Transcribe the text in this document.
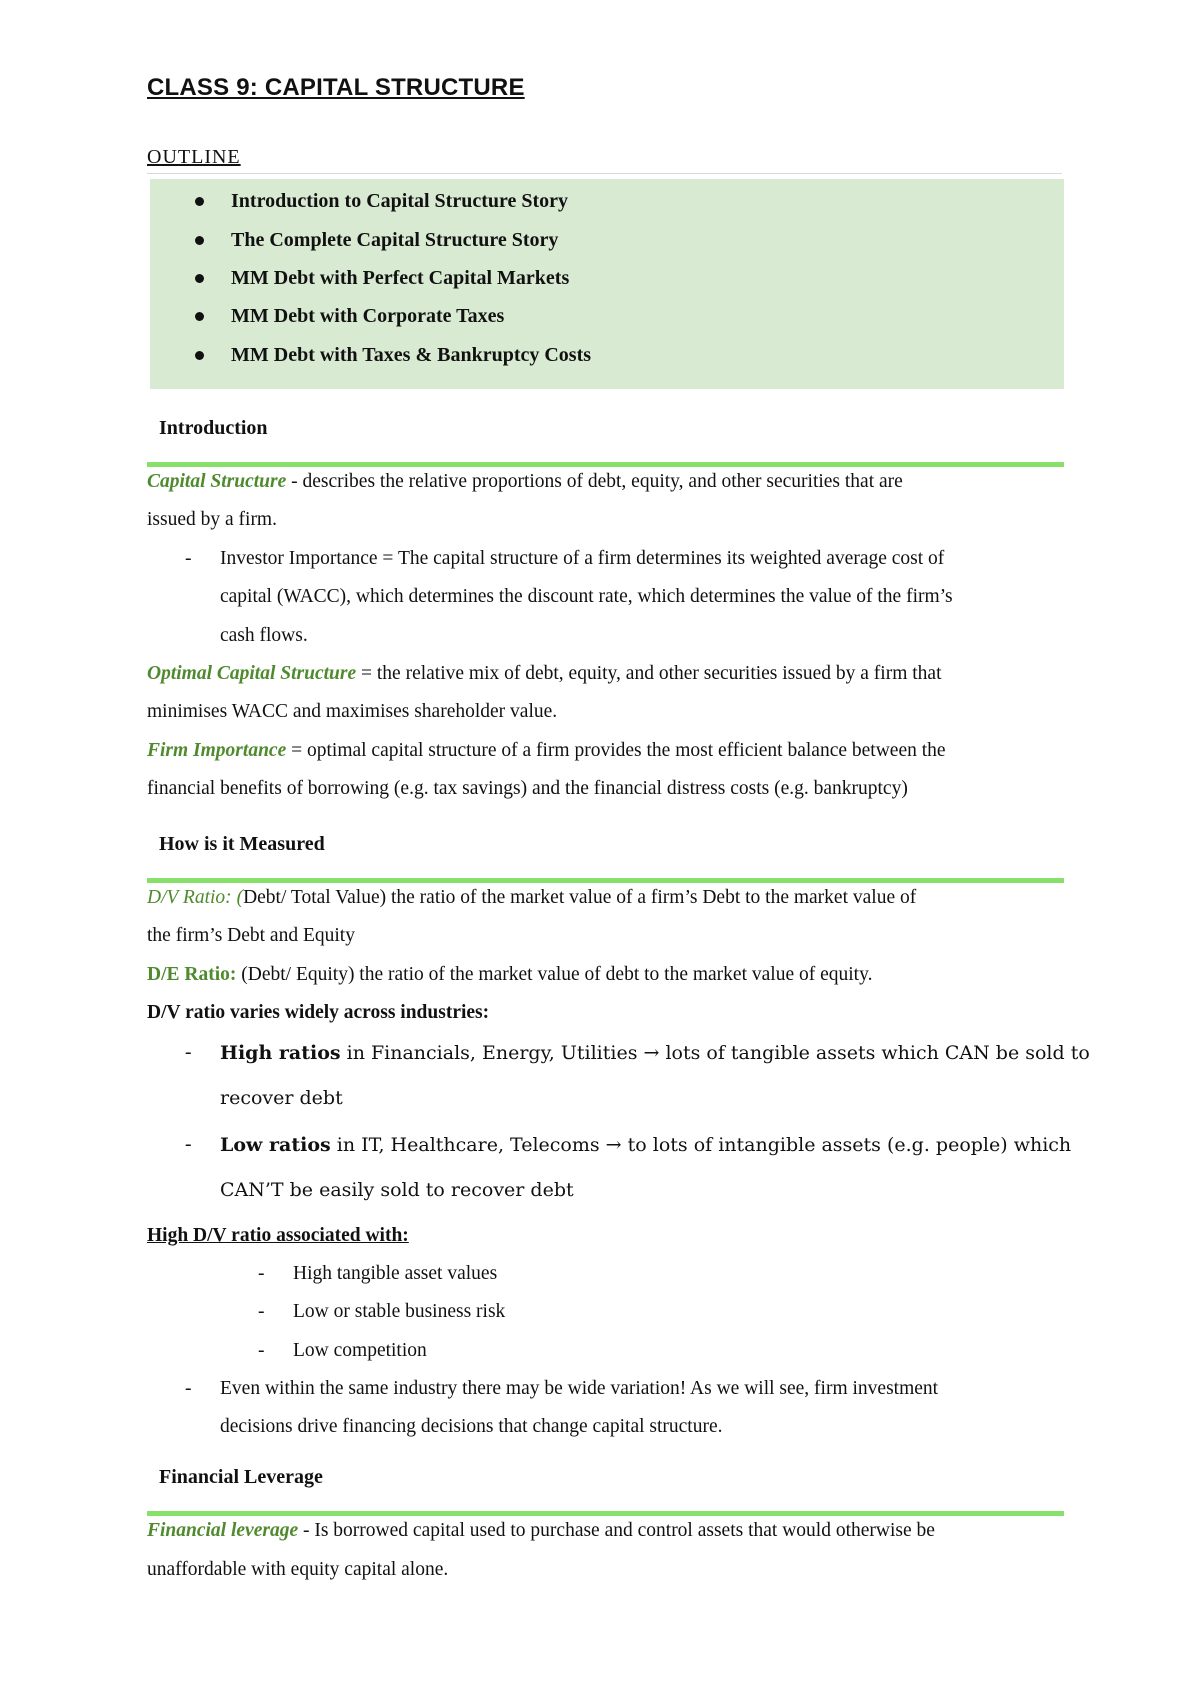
CLASS 9: CAPITAL STRUCTURE
OUTLINE
Introduction to Capital Structure Story
The Complete Capital Structure Story
MM Debt with Perfect Capital Markets
MM Debt with Corporate Taxes
MM Debt with Taxes & Bankruptcy Costs
Introduction
Capital Structure - describes the relative proportions of debt, equity, and other securities that are
issued by a firm.
- Investor Importance = The capital structure of a firm determines its weighted average cost of
capital (WACC), which determines the discount rate, which determines the value of the firm’s
cash flows.
Optimal Capital Structure = the relative mix of debt, equity, and other securities issued by a firm that
minimises WACC and maximises shareholder value.
Firm Importance = optimal capital structure of a firm provides the most efficient balance between the
financial benefits of borrowing (e.g. tax savings) and the financial distress costs (e.g. bankruptcy)
How is it Measured
D/V Ratio: (Debt/ Total Value) the ratio of the market value of a firm’s Debt to the market value of
the firm’s Debt and Equity
D/E Ratio: (Debt/ Equity) the ratio of the market value of debt to the market value of equity.
D/V ratio varies widely across industries:
- High ratios in Financials, Energy, Utilities → lots of tangible assets which CAN be sold to
recover debt
- Low ratios in IT, Healthcare, Telecoms → to lots of intangible assets (e.g. people) which
CAN’T be easily sold to recover debt
High D/V ratio associated with:
- High tangible asset values
- Low or stable business risk
- Low competition
- Even within the same industry there may be wide variation! As we will see, firm investment
decisions drive financing decisions that change capital structure.
Financial Leverage
Financial leverage - Is borrowed capital used to purchase and control assets that would otherwise be
unaffordable with equity capital alone.
